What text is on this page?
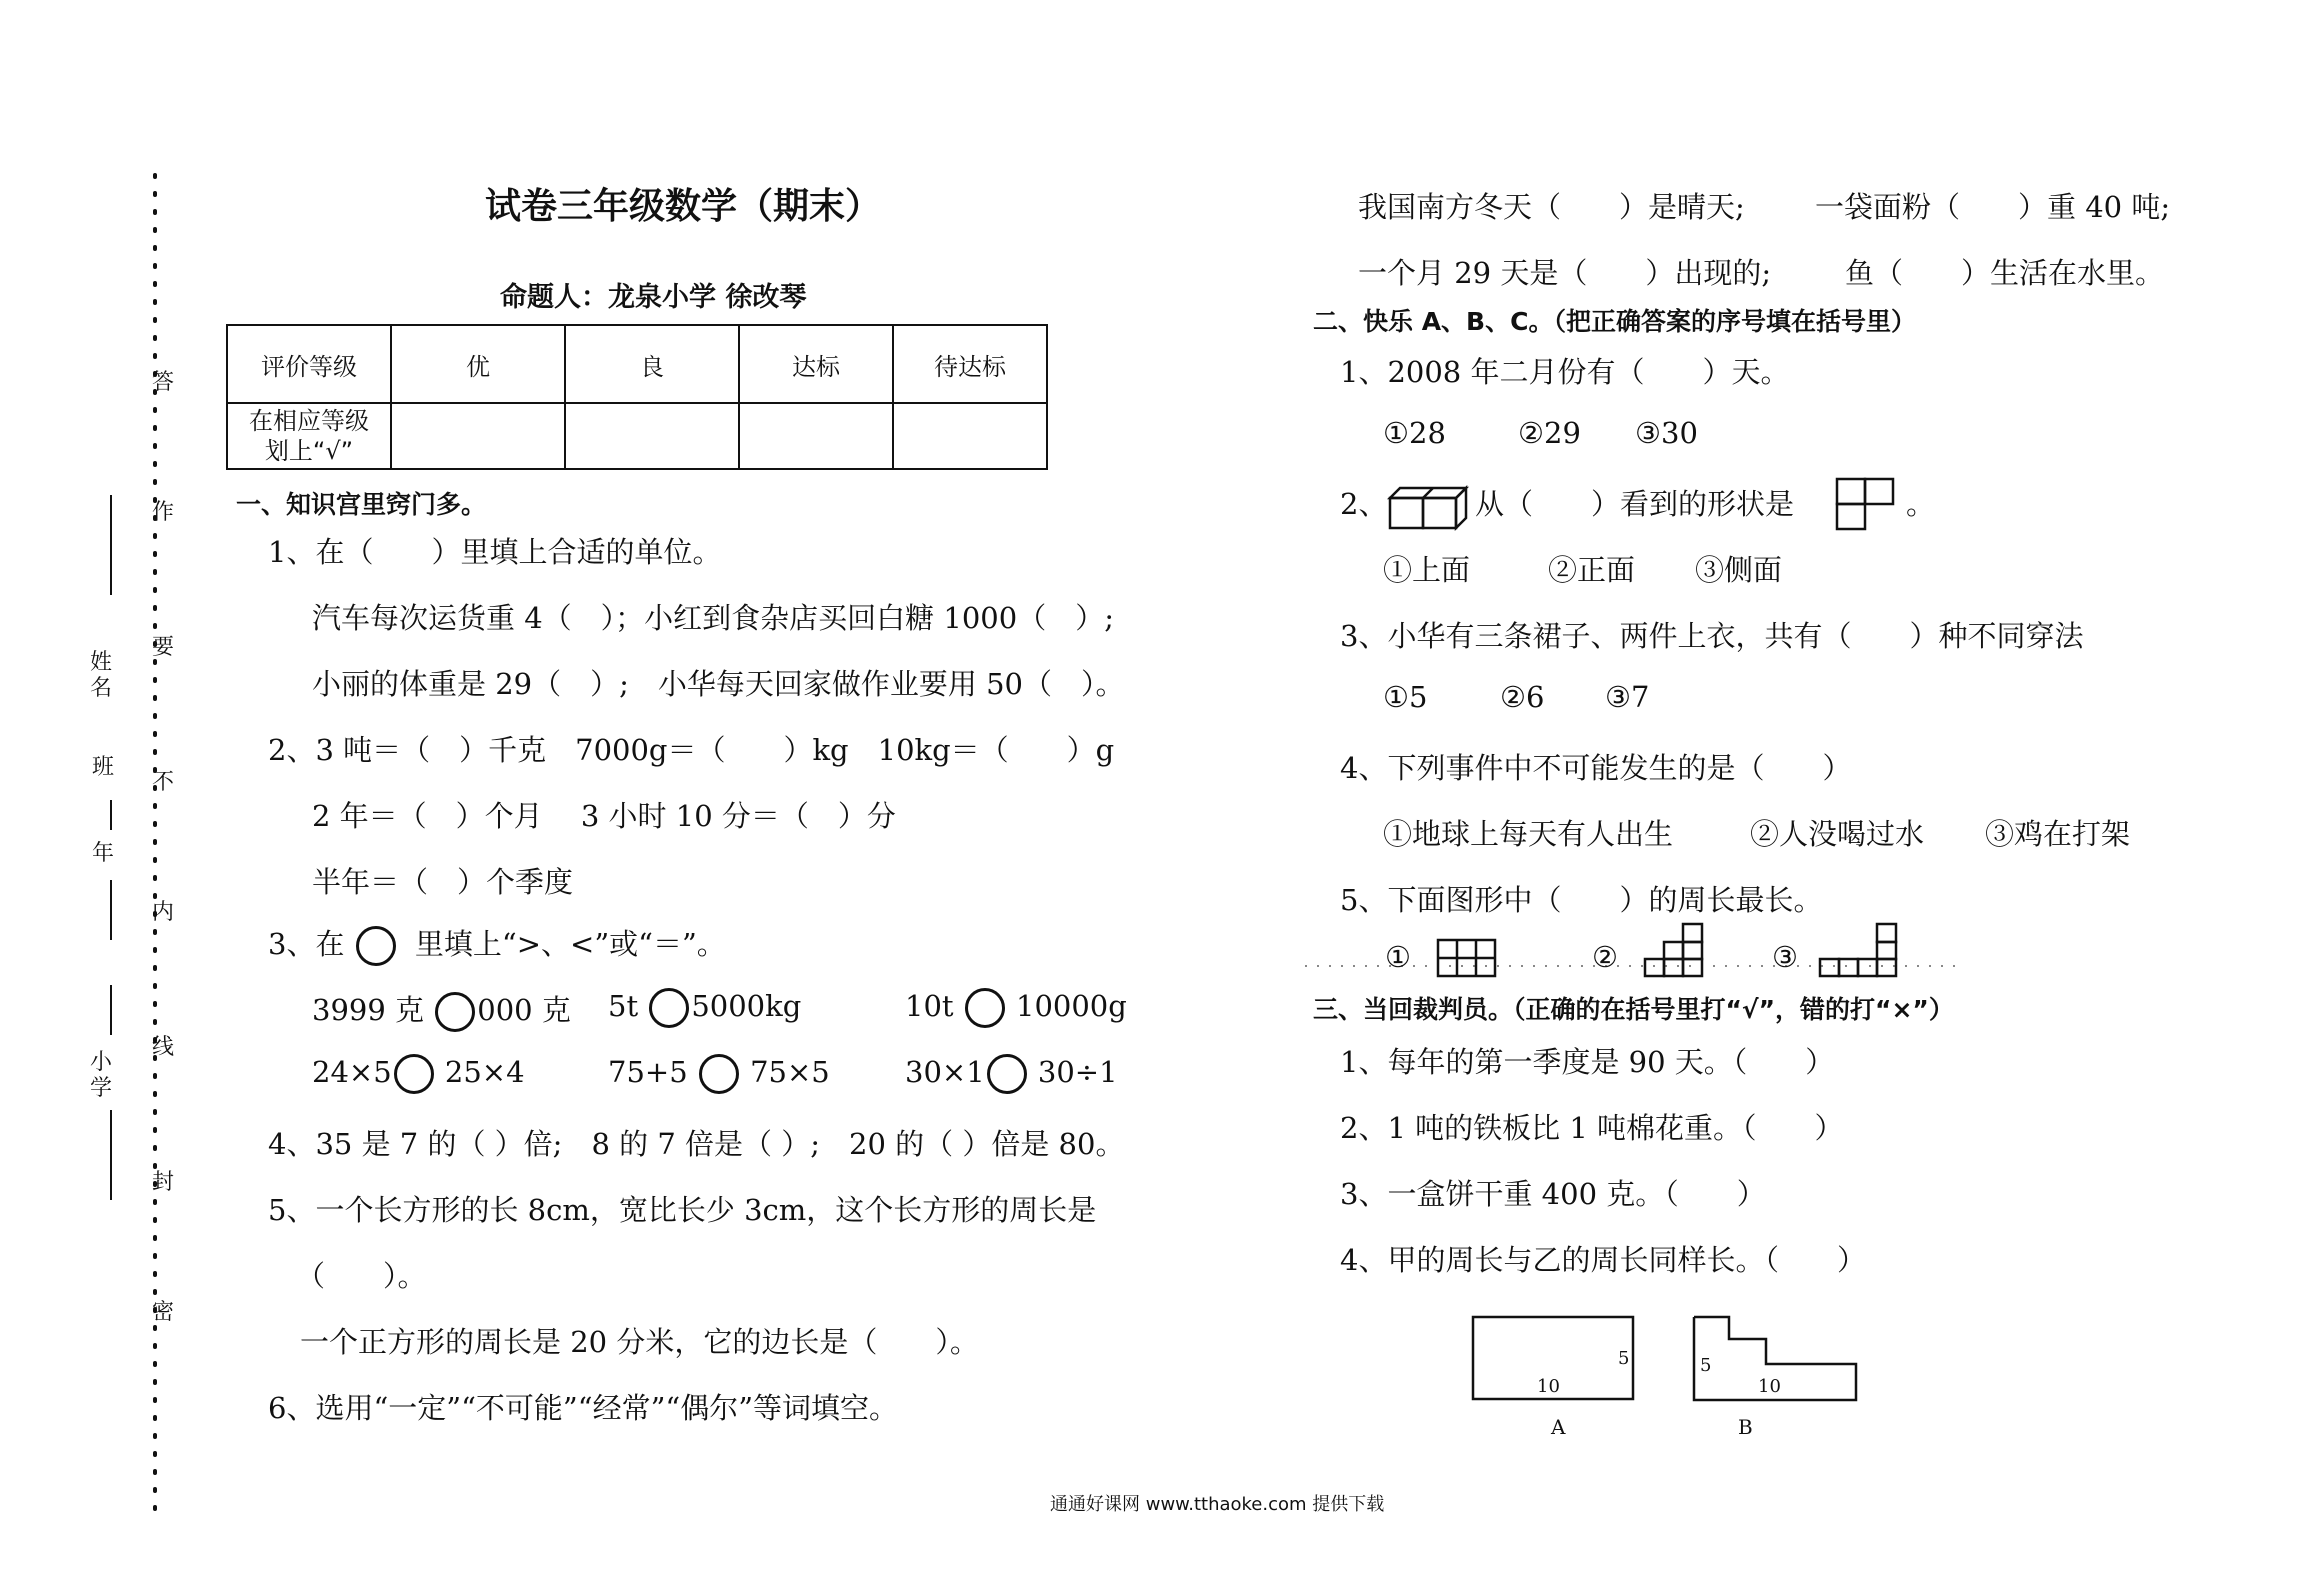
答
作
要
不
内
线
封
密
姓名
班
年
小学
试卷三年级数学（期末）
命题人：龙泉小学 徐改琴
评价等级	优	良	达标	待达标

在相应等级
划上“√”				

一、知识宫里窍门多。
1、在（　　）里填上合适的单位。
汽车每次运货重 4（　）；小红到食杂店买回白糖 1000（　）;
小丽的体重是 29（　）;　小华每天回家做作业要用 50（　）。
2、3 吨＝（　）千克　7000g＝（　　）kg　10kg＝（　　）g
2 年＝（　）个月　 3 小时 10 分＝（　）分
半年＝（　）个季度
3、在 里填上“>、<”或“＝”。
3999 克 000 克 5t 5000kg	10t 10000g
24×5 25×4	75+5 75×5	30×1 30÷1
4、35 是 7 的（ ）倍;　8 的 7 倍是（ ）;　20 的（ ）倍是 80。
5、一个长方形的长 8cm，宽比长少 3cm，这个长方形的周长是
（　　）。
一个正方形的周长是 20 分米，它的边长是（　　）。
6、选用“一定”“不可能”“经常”“偶尔”等词填空。
我国南方冬天（　　）是晴天; 一袋面粉（　　）重 40 吨;
一个月 29 天是（　　）出现的;	鱼（　　）生活在水里。
二、快乐 A、B、C。（把正确答案的序号填在括号里）
1、2008 年二月份有（　　）天。
①28 ②29 ③30
2、	从（　　）看到的形状是	。
①上面	②正面 ③侧面
3、小华有三条裙子、两件上衣，共有（　　）种不同穿法
①5	②6 ③7
4、下列事件中不可能发生的是（　　）
①地球上每天有人出生	②人没喝过水 ③鸡在打架
5、下面图形中（　　）的周长最长。
①	②	③
三、当回裁判员。（正确的在括号里打“√”，错的打“×”）
1、每年的第一季度是 90 天。（　　）
2、1 吨的铁板比 1 吨棉花重。（　　）
3、一盒饼干重 400 克。（　　）
4、甲的周长与乙的周长同样长。（　　）
10
5
A
5
10
B
通通好课网 www.tthaoke.com 提供下载
